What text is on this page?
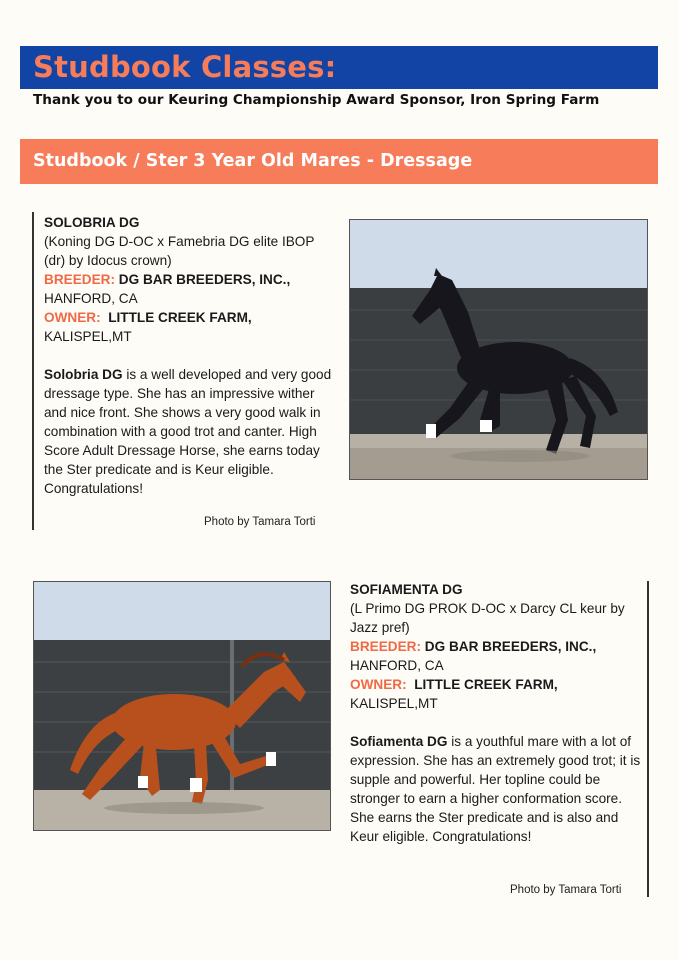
Studbook Classes:
Thank you to our Keuring Championship Award Sponsor, Iron Spring Farm
Studbook / Ster 3 Year Old Mares - Dressage

SOLOBRIA DG

(Koning DG D-OC x Famebria DG elite IBOP (dr) by Idocus crown)

BREEDER: DG BAR BREEDERS, INC.,

HANFORD, CA

OWNER: LITTLE CREEK FARM,

KALISPEL,MT

Solobria DG is a well developed and very good dressage type. She has an impressive wither and nice front. She shows a very good walk in combination with a good trot and canter. High Score Adult Dressage Horse, she earns today the Ster predicate and is Keur eligible. Congratulations!

Photo by Tamara Torti

SOFIAMENTA DG

(L Primo DG PROK D-OC x Darcy CL keur by Jazz pref)

BREEDER: DG BAR BREEDERS, INC.,

HANFORD, CA

OWNER: LITTLE CREEK FARM,

KALISPEL,MT

Sofiamenta DG is a youthful mare with a lot of expression. She has an extremely good trot; it is supple and powerful. Her topline could be stronger to earn a higher conformation score. She earns the Ster predicate and is also and Keur eligible. Congratulations!

Photo by Tamara Torti
